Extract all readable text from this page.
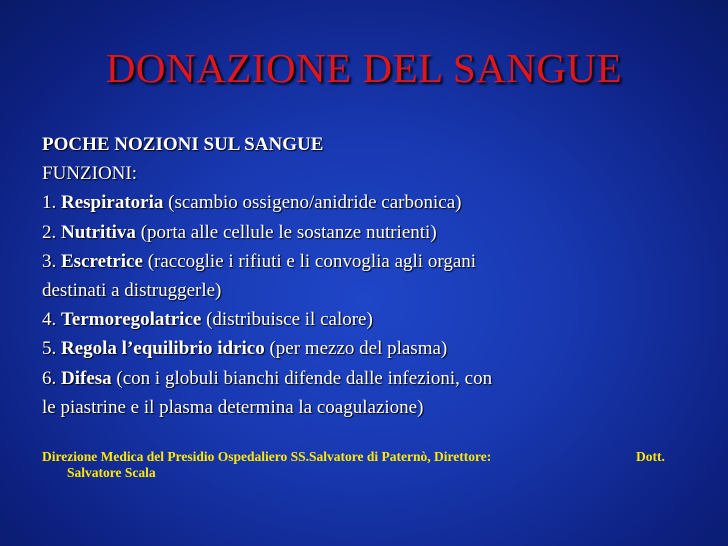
DONAZIONE DEL SANGUE
POCHE NOZIONI SUL SANGUE
FUNZIONI:
1. Respiratoria (scambio ossigeno/anidride carbonica)
2. Nutritiva (porta alle cellule le sostanze nutrienti)
3. Escretrice (raccoglie i rifiuti e li convoglia agli organi
destinati a distruggerle)
4. Termoregolatrice (distribuisce il calore)
5. Regola l’equilibrio idrico (per mezzo del plasma)
6. Difesa (con i globuli bianchi difende dalle infezioni, con
le piastrine e il plasma determina la coagulazione)
Direzione Medica del Presidio Ospedaliero SS.Salvatore di Paternò, Direttore:	Dott.
Salvatore Scala
